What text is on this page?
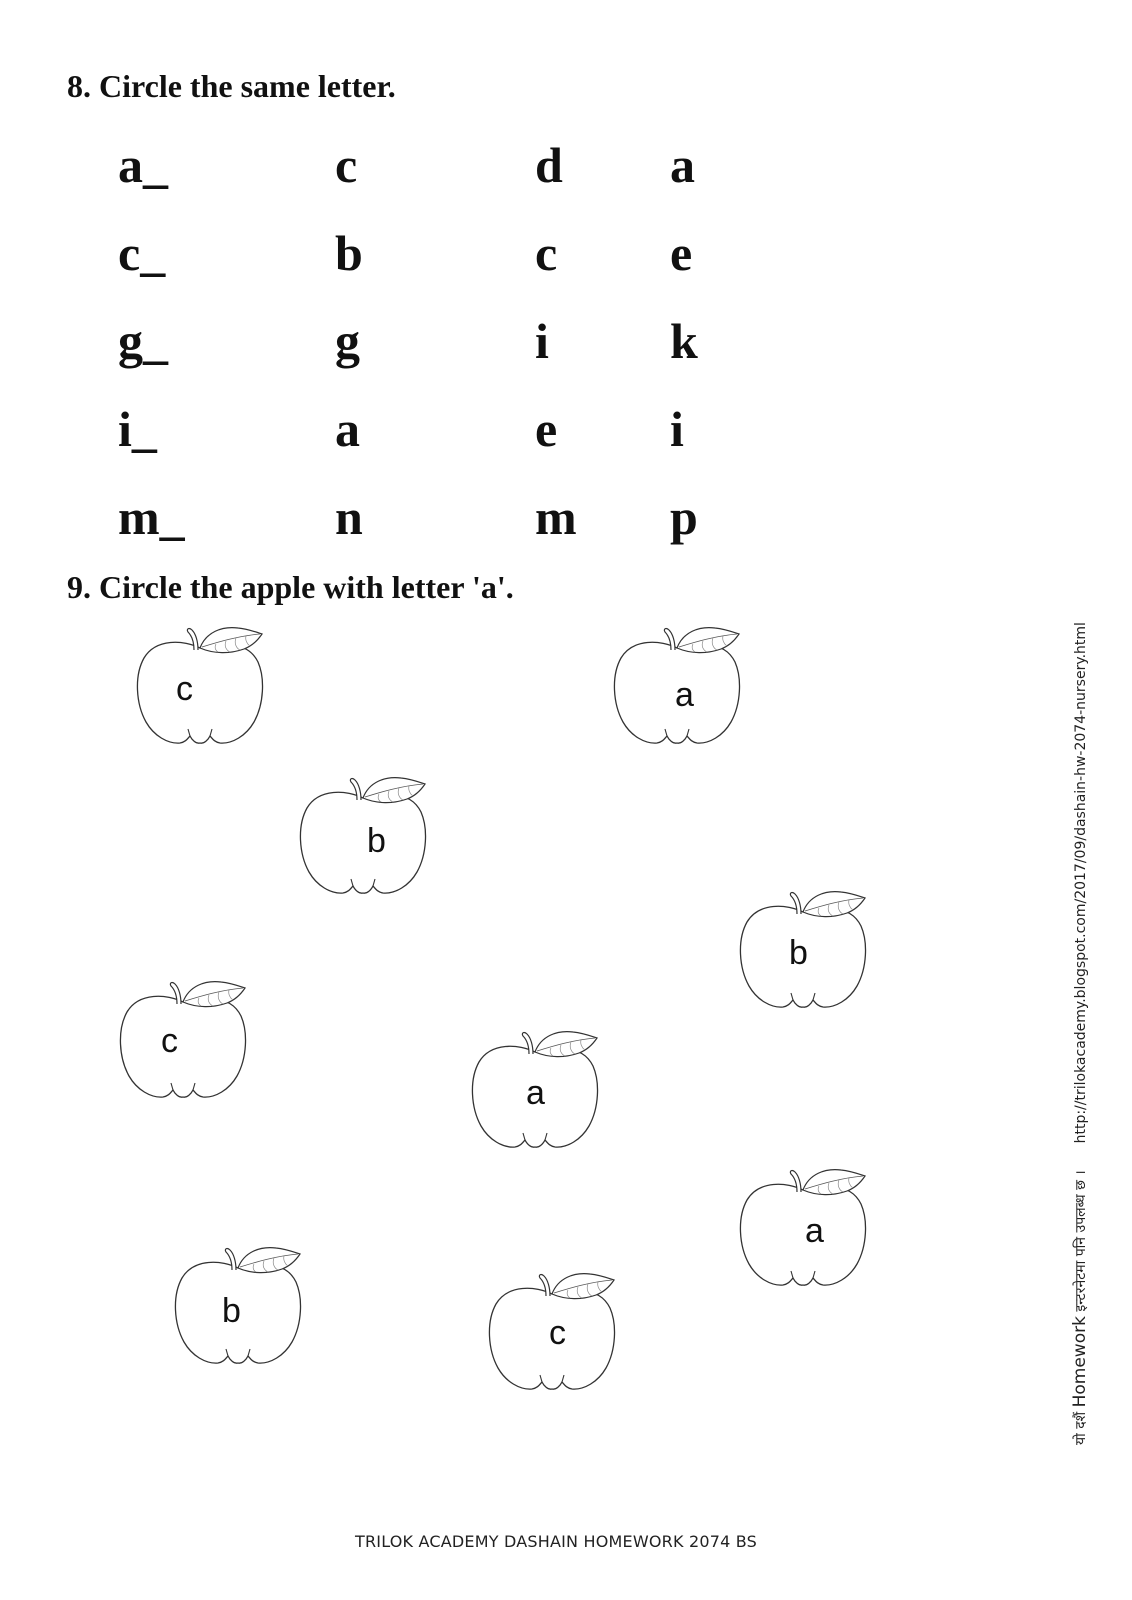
8. Circle the same letter.
a_	c	d a
c_	b	c e
g_	g	i k
i_	a	e i
m_	n	m p
9. Circle the apple with letter 'a'.
c	a
b
b
c
a
a
b
c
यो दशैं Homework इन्टरनेटमा पनि उपलब्ध छ ।  http://trilokacademy.blogspot.com/2017/09/dashain-hw-2074-nursery.html
TRILOK ACADEMY DASHAIN HOMEWORK 2074 BS
